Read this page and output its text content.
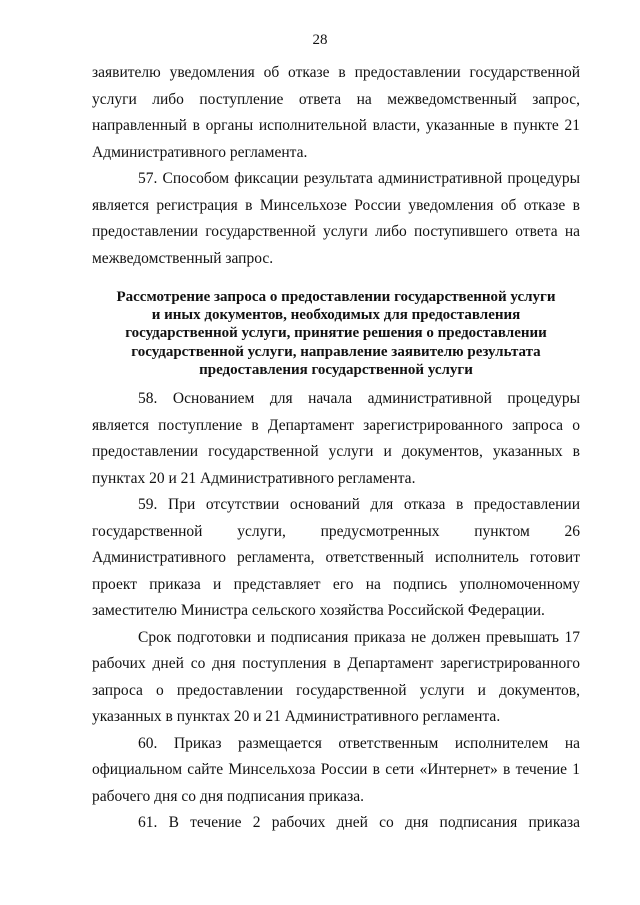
28

заявителю уведомления об отказе в предоставлении государственной услуги либо поступление ответа на межведомственный запрос, направленный в органы исполнительной власти, указанные в пункте 21 Административного регламента.

57. Способом фиксации результата административной процедуры является регистрация в Минсельхозе России уведомления об отказе в предоставлении государственной услуги либо поступившего ответа на межведомственный запрос.

Рассмотрение запроса о предоставлении государственной услуги
и иных документов, необходимых для предоставления
государственной услуги, принятие решения о предоставлении
государственной услуги, направление заявителю результата
предоставления государственной услуги

58. Основанием для начала административной процедуры является поступление в Департамент зарегистрированного запроса о предоставлении государственной услуги и документов, указанных в пунктах 20 и 21 Административного регламента.

59. При отсутствии оснований для отказа в предоставлении государственной услуги, предусмотренных пунктом 26 Административного регламента, ответственный исполнитель готовит проект приказа и представляет его на подпись уполномоченному заместителю Министра сельского хозяйства Российской Федерации.

Срок подготовки и подписания приказа не должен превышать 17 рабочих дней со дня поступления в Департамент зарегистрированного запроса о предоставлении государственной услуги и документов, указанных в пунктах 20 и 21 Административного регламента.

60. Приказ размещается ответственным исполнителем на официальном сайте Минсельхоза России в сети «Интернет» в течение 1 рабочего дня со дня подписания приказа.

61. В течение 2 рабочих дней со дня подписания приказа
